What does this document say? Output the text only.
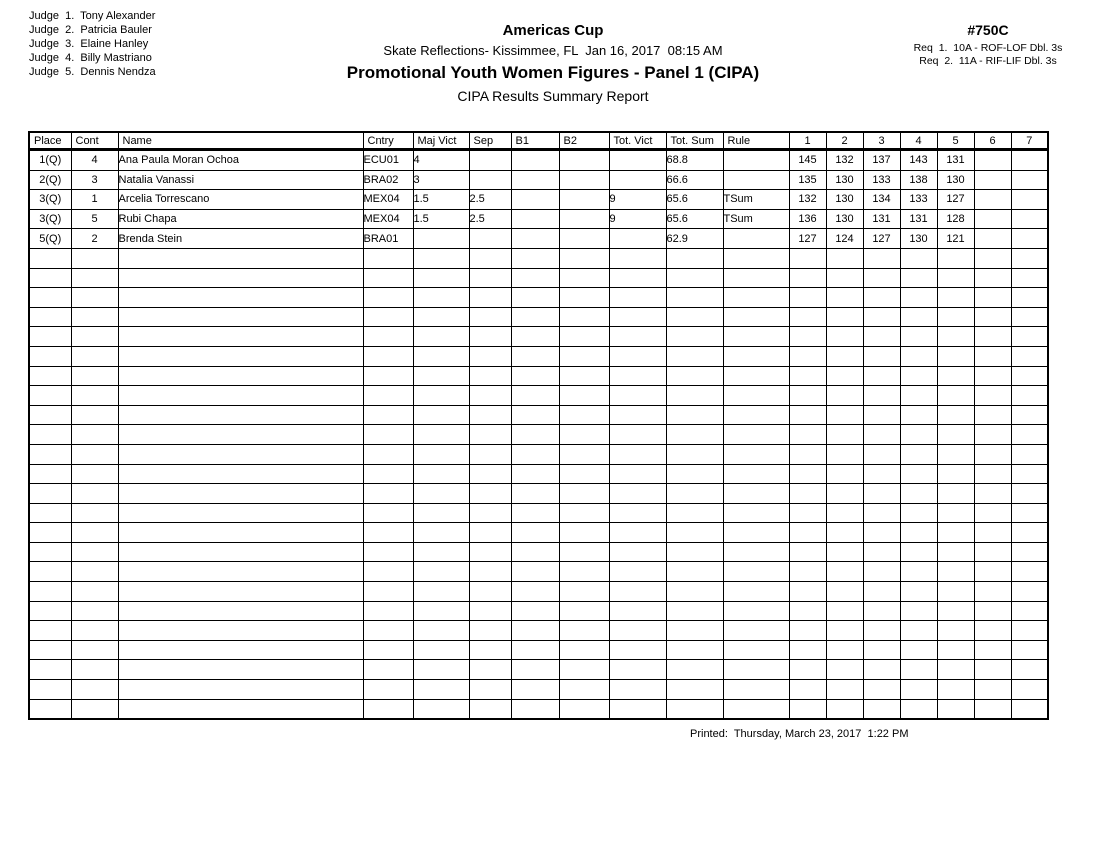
Judge  1.  Tony Alexander
Judge  2.  Patricia Bauler
Judge  3.  Elaine Hanley
Judge  4.  Billy Mastriano
Judge  5.  Dennis Nendza
Americas Cup
Skate Reflections- Kissimmee, FL  Jan 16, 2017  08:15 AM
Promotional Youth Women Figures - Panel 1 (CIPA)
CIPA Results Summary Report
#750C
Req  1.  10A - ROF-LOF Dbl. 3s
Req  2.  11A - RIF-LIF Dbl. 3s
Place	Cont	Name	Cntry	Maj Vict	Sep	B1	B2	Tot. Vict	Tot. Sum	Rule	1	2	3	4	5	6	7
1(Q)	4	Ana Paula Moran Ochoa	ECU01	4					68.8		145	132	137	143	131		
2(Q)	3	Natalia Vanassi	BRA02	3					66.6		135	130	133	138	130		
3(Q)	1	Arcelia Torrescano	MEX04	1.5	2.5			9	65.6	TSum	132	130	134	133	127		
3(Q)	5	Rubi Chapa	MEX04	1.5	2.5			9	65.6	TSum	136	130	131	131	128		
5(Q)	2	Brenda Stein	BRA01						62.9		127	124	127	130	121		

Printed:  Thursday, March 23, 2017  1:22 PM
